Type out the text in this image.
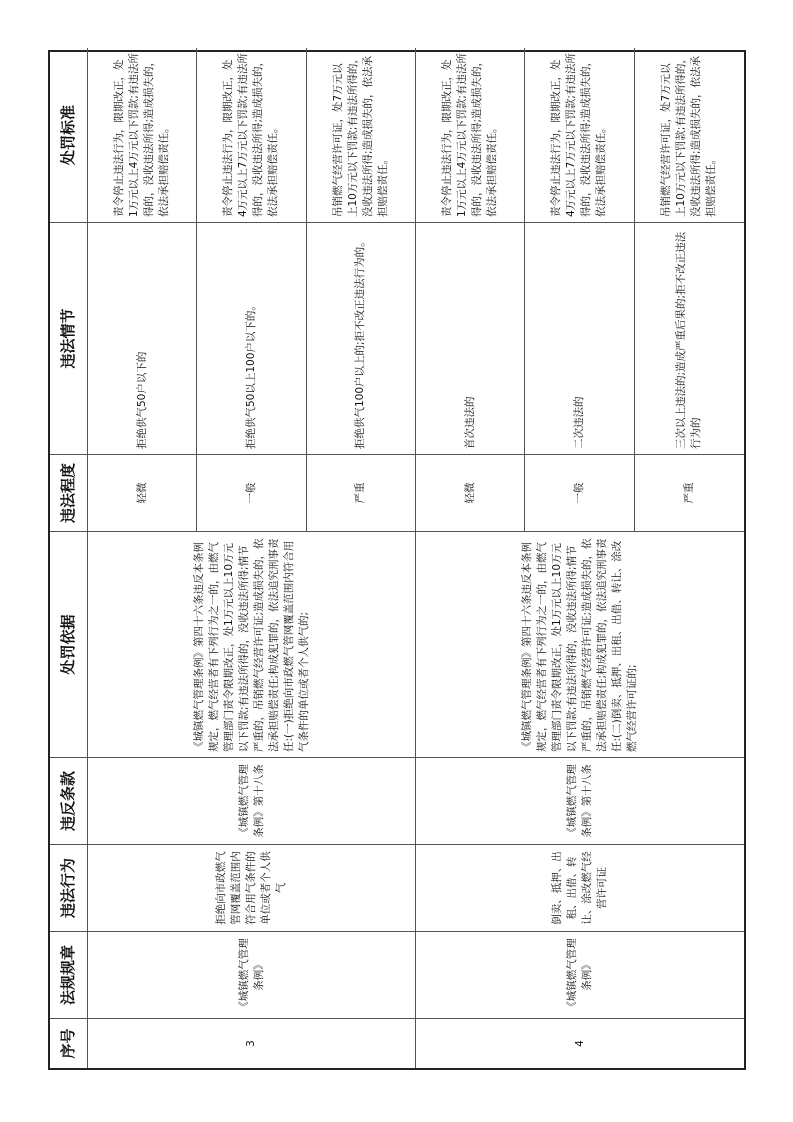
序号
法规规章
违法行为
违反条款
处罚依据
违法程度
违法情节
处罚标准
3
《城镇燃气管理条例》
拒绝向市政燃气管网覆盖范围内符合用气条件的单位或者个人供气
《城镇燃气管理条例》第十八条
《城镇燃气管理条例》第四十六条违反本条例规定，燃气经营者有下列行为之一的，由燃气管理部门责令限期改正，处1万元以上10万元以下罚款;有违法所得的，没收违法所得;情节严重的，吊销燃气经营许可证;造成损失的，依法承担赔偿责任;构成犯罪的，依法追究刑事责任:(一)拒绝向市政燃气管网覆盖范围内符合用气条件的单位或者个人供气的;
轻微
拒绝供气50户以下的
责令停止违法行为，限期改正，处1万元以上4万元以下罚款;有违法所得的，没收违法所得;造成损失的，依法承担赔偿责任。
一般
拒绝供气50以上100户以下的。
责令停止违法行为，限期改正，处4万元以上7万元以下罚款;有违法所得的，没收违法所得;造成损失的，依法承担赔偿责任。
严重
拒绝供气100户以上的;拒不改正违法行为的。
吊销燃气经营许可证，处7万元以上10万元以下罚款;有违法所得的，没收违法所得;造成损失的，依法承担赔偿责任。
4
《城镇燃气管理条例》
倒卖、抵押、出租、出借、转让、涂改燃气经营许可证
《城镇燃气管理条例》第十八条
《城镇燃气管理条例》第四十六条违反本条例规定，燃气经营者有下列行为之一的，由燃气管理部门责令限期改正，处1万元以上10万元以下罚款;有违法所得的，没收违法所得;情节严重的，吊销燃气经营许可证;造成损失的，依法承担赔偿责任;构成犯罪的，依法追究刑事责任:(二)倒卖、抵押、出租、出借、转让、涂改燃气经营许可证的;
轻微
首次违法的
责令停止违法行为，限期改正，处1万元以上4万元以下罚款;有违法所得的，没收违法所得;造成损失的，依法承担赔偿责任。
一般
二次违法的
责令停止违法行为，限期改正，处4万元以上7万元以下罚款;有违法所得的，没收违法所得;造成损失的，依法承担赔偿责任。
严重
三次以上违法的;造成严重后果的;拒不改正违法行为的
吊销燃气经营许可证，处7万元以上10万元以下罚款;有违法所得的，没收违法所得;造成损失的，依法承担赔偿责任。
